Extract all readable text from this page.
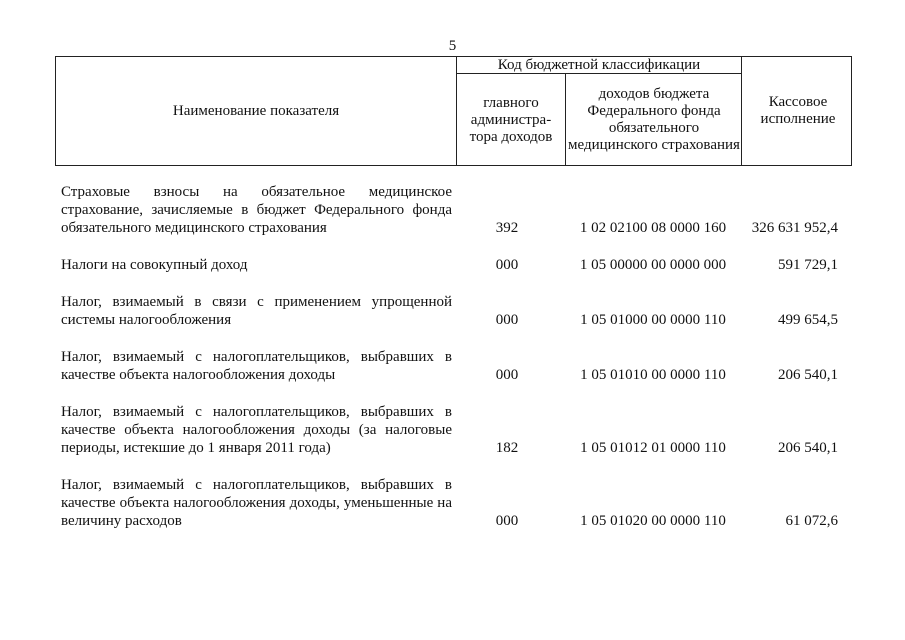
5
Наименование показателя
Код бюджетной классификации
главного администра-тора доходов
доходов бюджета Федерального фонда обязательного медицинского страхования
Кассовое исполнение
Страховые взносы на обязательное медицинское страхование, зачисляемые в бюджет Федерального фонда обязательного медицинского страхования	392	1 02 02100 08 0000 160	326 631 952,4
Налоги на совокупный доход	000	1 05 00000 00 0000 000	591 729,1
Налог, взимаемый в связи с применением упрощенной системы налогообложения	000	1 05 01000 00 0000 110	499 654,5
Налог, взимаемый с налогоплательщиков, выбравших в качестве объекта налогообложения доходы	000	1 05 01010 00 0000 110	206 540,1
Налог, взимаемый с налогоплательщиков, выбравших в качестве объекта налогообложения доходы (за налоговые периоды, истекшие до 1 января 2011 года)	182	1 05 01012 01 0000 110	206 540,1
Налог, взимаемый с налогоплательщиков, выбравших в качестве объекта налогообложения доходы, уменьшенные на величину расходов	000	1 05 01020 00 0000 110	61 072,6
